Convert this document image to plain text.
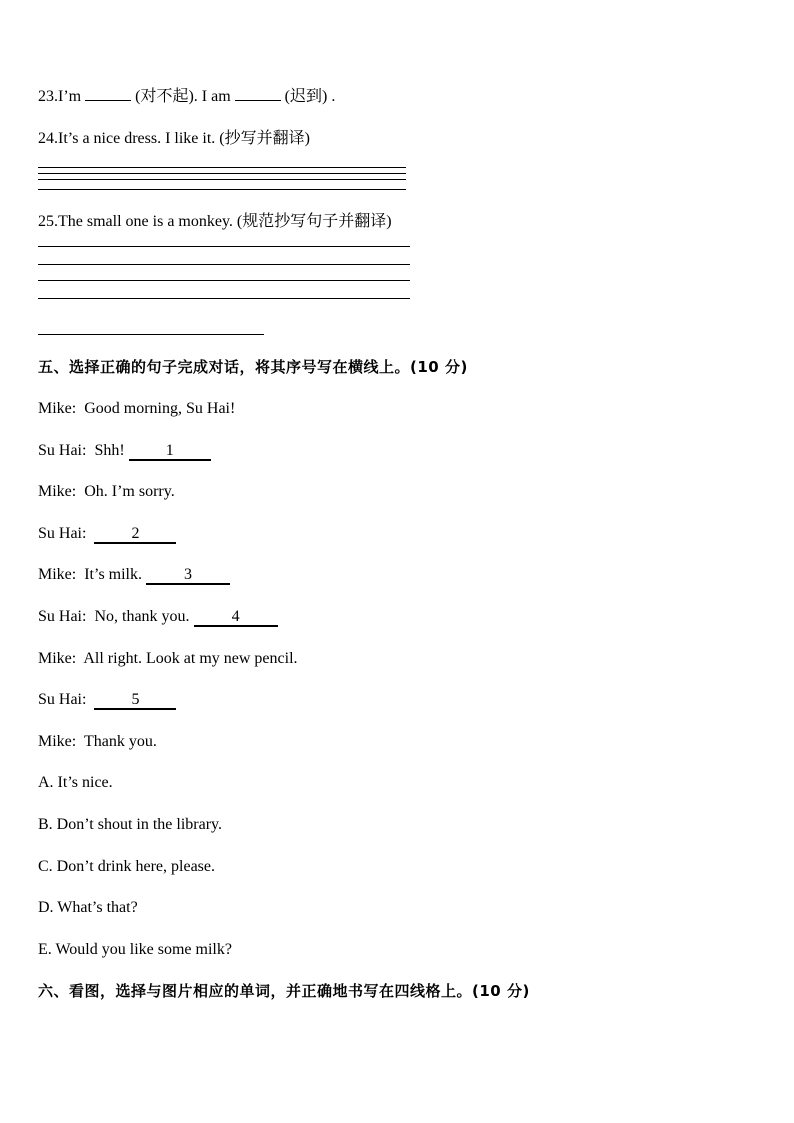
23.I’m	(对不起). I am	(迟到) .
24.It’s a nice dress. I like it. (抄写并翻译)
25.The small one is a monkey. (规范抄写句子并翻译)
五、选择正确的句子完成对话，将其序号写在横线上。(10 分)
Mike: Good morning, Su Hai!
Su Hai: Shh!	1
Mike: Oh. I’m sorry.
Su Hai:	2
Mike: It’s milk.	3
Su Hai: No, thank you.	4
Mike: All right. Look at my new pencil.
Su Hai:	5
Mike: Thank you.
A. It’s nice.
B. Don’t shout in the library.
C. Don’t drink here, please.
D. What’s that?
E. Would you like some milk?
六、看图，选择与图片相应的单词，并正确地书写在四线格上。(10 分)
